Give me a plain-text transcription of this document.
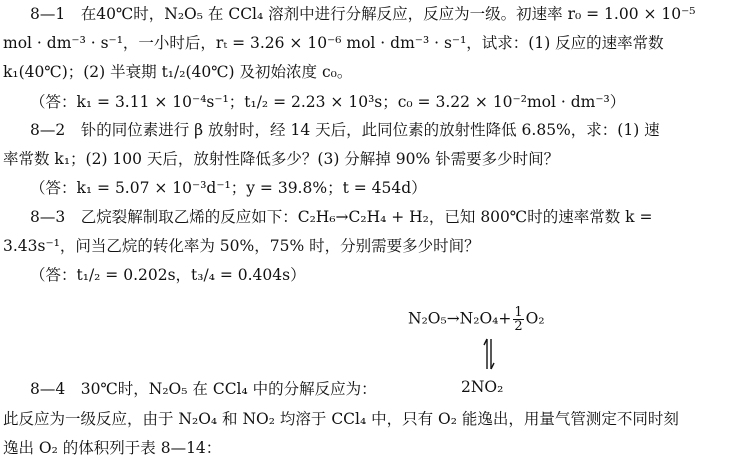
8—1　在40℃时，N₂O₅ 在 CCl₄ 溶剂中进行分解反应，反应为一级。初速率 r₀ = 1.00 × 10⁻⁵
mol · dm⁻³ · s⁻¹，一小时后，rₜ = 3.26 × 10⁻⁶ mol · dm⁻³ · s⁻¹，试求：(1) 反应的速率常数
k₁(40℃)；(2) 半衰期 t₁/₂(40℃) 及初始浓度 c₀。
（答：k₁ = 3.11 × 10⁻⁴s⁻¹；t₁/₂ = 2.23 × 10³s；c₀ = 3.22 × 10⁻²mol · dm⁻³）
8—2　钋的同位素进行 β 放射时，经 14 天后，此同位素的放射性降低 6.85%，求：(1) 速
率常数 k₁；(2) 100 天后，放射性降低多少？(3) 分解掉 90% 钋需要多少时间？
（答：k₁ = 5.07 × 10⁻³d⁻¹；y = 39.8%；t = 454d）
8—3　乙烷裂解制取乙烯的反应如下：C₂H₆→C₂H₄ + H₂，已知 800℃时的速率常数 k =
3.43s⁻¹，问当乙烷的转化率为 50%，75% 时，分别需要多少时间？
（答：t₁/₂ = 0.202s，t₃/₄ = 0.404s）
$N_2O_5\to N_2O_4+ \frac{1}{2} O_2$
2NO₂
8—4　30℃时，N₂O₅ 在 CCl₄ 中的分解反应为：
此反应为一级反应，由于 N₂O₄ 和 NO₂ 均溶于 CCl₄ 中，只有 O₂ 能逸出，用量气管测定不同时刻
逸出 O₂ 的体积列于表 8—14：
